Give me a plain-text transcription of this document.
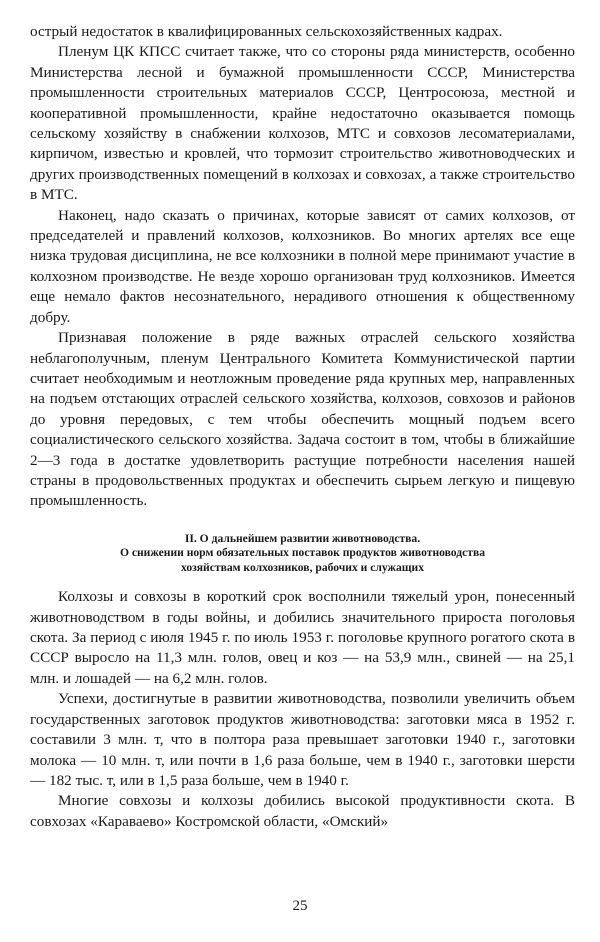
острый недостаток в квалифицированных сельскохозяйственных кадрах.

Пленум ЦК КПСС считает также, что со стороны ряда министерств, особенно Министерства лесной и бумажной промышленности СССР, Министерства промышленности строительных материалов СССР, Центросоюза, местной и кооперативной промышленности, крайне недостаточно оказывается помощь сельскому хозяйству в снабжении колхозов, МТС и совхозов лесоматериалами, кирпичом, известью и кровлей, что тормозит строительство животноводческих и других производственных помещений в колхозах и совхозах, а также строительство в МТС.

Наконец, надо сказать о причинах, которые зависят от самих колхозов, от председателей и правлений колхозов, колхозников. Во многих артелях все еще низка трудовая дисциплина, не все колхозники в полной мере принимают участие в колхозном производстве. Не везде хорошо организован труд колхозников. Имеется еще немало фактов несознательного, нерадивого отношения к общественному добру.

Признавая положение в ряде важных отраслей сельского хозяйства неблагополучным, пленум Центрального Комитета Коммунистической партии считает необходимым и неотложным проведение ряда крупных мер, направленных на подъем отстающих отраслей сельского хозяйства, колхозов, совхозов и районов до уровня передовых, с тем чтобы обеспечить мощный подъем всего социалистического сельского хозяйства. Задача состоит в том, чтобы в ближайшие 2—3 года в достатке удовлетворить растущие потребности населения нашей страны в продовольственных продуктах и обеспечить сырьем легкую и пищевую промышленность.

II. О дальнейшем развитии животноводства.
О снижении норм обязательных поставок продуктов животноводства
хозяйствам колхозников, рабочих и служащих

Колхозы и совхозы в короткий срок восполнили тяжелый урон, понесенный животноводством в годы войны, и добились значительного прироста поголовья скота. За период с июля 1945 г. по июль 1953 г. поголовье крупного рогатого скота в СССР выросло на 11,3 млн. голов, овец и коз — на 53,9 млн., свиней — на 25,1 млн. и лошадей — на 6,2 млн. голов.

Успехи, достигнутые в развитии животноводства, позволили увеличить объем государственных заготовок продуктов животноводства: заготовки мяса в 1952 г. составили 3 млн. т, что в полтора раза превышает заготовки 1940 г., заготовки молока — 10 млн. т, или почти в 1,6 раза больше, чем в 1940 г., заготовки шерсти — 182 тыс. т, или в 1,5 раза больше, чем в 1940 г.

Многие совхозы и колхозы добились высокой продуктивности скота. В совхозах «Караваево» Костромской области, «Омский»

25
